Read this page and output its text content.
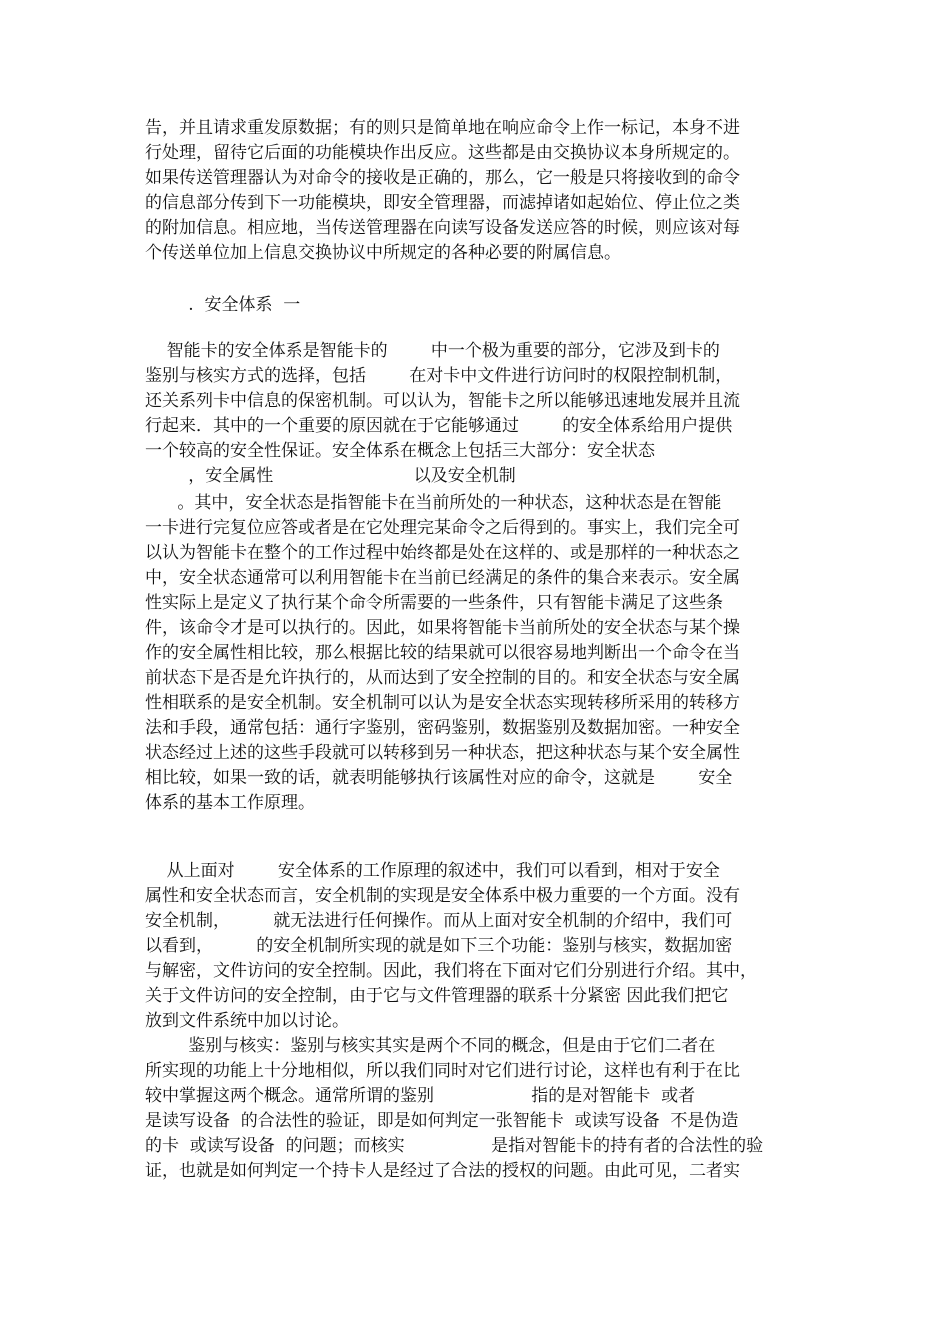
告，并且请求重发原数据；有的则只是简单地在响应命令上作一标记，本身不进
行处理，留待它后面的功能模块作出反应。这些都是由交换协议本身所规定的。
如果传送管理器认为对命令的接收是正确的，那么，它一般是只将接收到的命令
的信息部分传到下一功能模块，即安全管理器，而滤掉诸如起始位、停止位之类
的附加信息。相应地，当传送管理器在向读写设备发送应答的时候，则应该对每
个传送单位加上信息交换协议中所规定的各种必要的附属信息。
.  安全体系  一
智能卡的安全体系是智能卡的        中一个极为重要的部分，它涉及到卡的
鉴别与核实方式的选择，包括        在对卡中文件进行访问时的权限控制机制，
还关系列卡中信息的保密机制。可以认为，智能卡之所以能够迅速地发展并且流
行起来．其中的一个重要的原因就在于它能够通过        的安全体系给用户提供
一个较高的安全性保证。安全体系在概念上包括三大部分：安全状态
，安全属性                          以及安全机制
。其中，安全状态是指智能卡在当前所处的一种状态，这种状态是在智能
一卡进行完复位应答或者是在它处理完某命令之后得到的。事实上，我们完全可
以认为智能卡在整个的工作过程中始终都是处在这样的、或是那样的一种状态之
中，安全状态通常可以利用智能卡在当前已经满足的条件的集合来表示。安全属
性实际上是定义了执行某个命令所需要的一些条件，只有智能卡满足了这些条
件，该命令才是可以执行的。因此，如果将智能卡当前所处的安全状态与某个操
作的安全属性相比较，那么根据比较的结果就可以很容易地判断出一个命令在当
前状态下是否是允许执行的，从而达到了安全控制的目的。和安全状态与安全属
性相联系的是安全机制。安全机制可以认为是安全状态实现转移所采用的转移方
法和手段，通常包括：通行字鉴别，密码鉴别，数据鉴别及数据加密。一种安全
状态经过上述的这些手段就可以转移到另一种状态，把这种状态与某个安全属性
相比较，如果一致的话，就表明能够执行该属性对应的命令，这就是        安全
体系的基本工作原理。
从上面对        安全体系的工作原理的叙述中，我们可以看到，相对于安全
属性和安全状态而言，安全机制的实现是安全体系中极力重要的一个方面。没有
安全机制，        就无法进行任何操作。而从上面对安全机制的介绍中，我们可
以看到，        的安全机制所实现的就是如下三个功能：鉴别与核实，数据加密
与解密，文件访问的安全控制。因此，我们将在下面对它们分别进行介绍。其中，
关于文件访问的安全控制，由于它与文件管理器的联系十分紧密 因此我们把它
放到文件系统中加以讨论。
鉴别与核实：鉴别与核实其实是两个不同的概念，但是由于它们二者在
所实现的功能上十分地相似，所以我们同时对它们进行讨论，这样也有利于在比
较中掌握这两个概念。通常所谓的鉴别                  指的是对智能卡  或者
是读写设备  的合法性的验证，即是如何判定一张智能卡  或读写设备  不是伪造
的卡  或读写设备  的问题；而核实                是指对智能卡的持有者的合法性的验
证，也就是如何判定一个持卡人是经过了合法的授权的问题。由此可见，二者实
